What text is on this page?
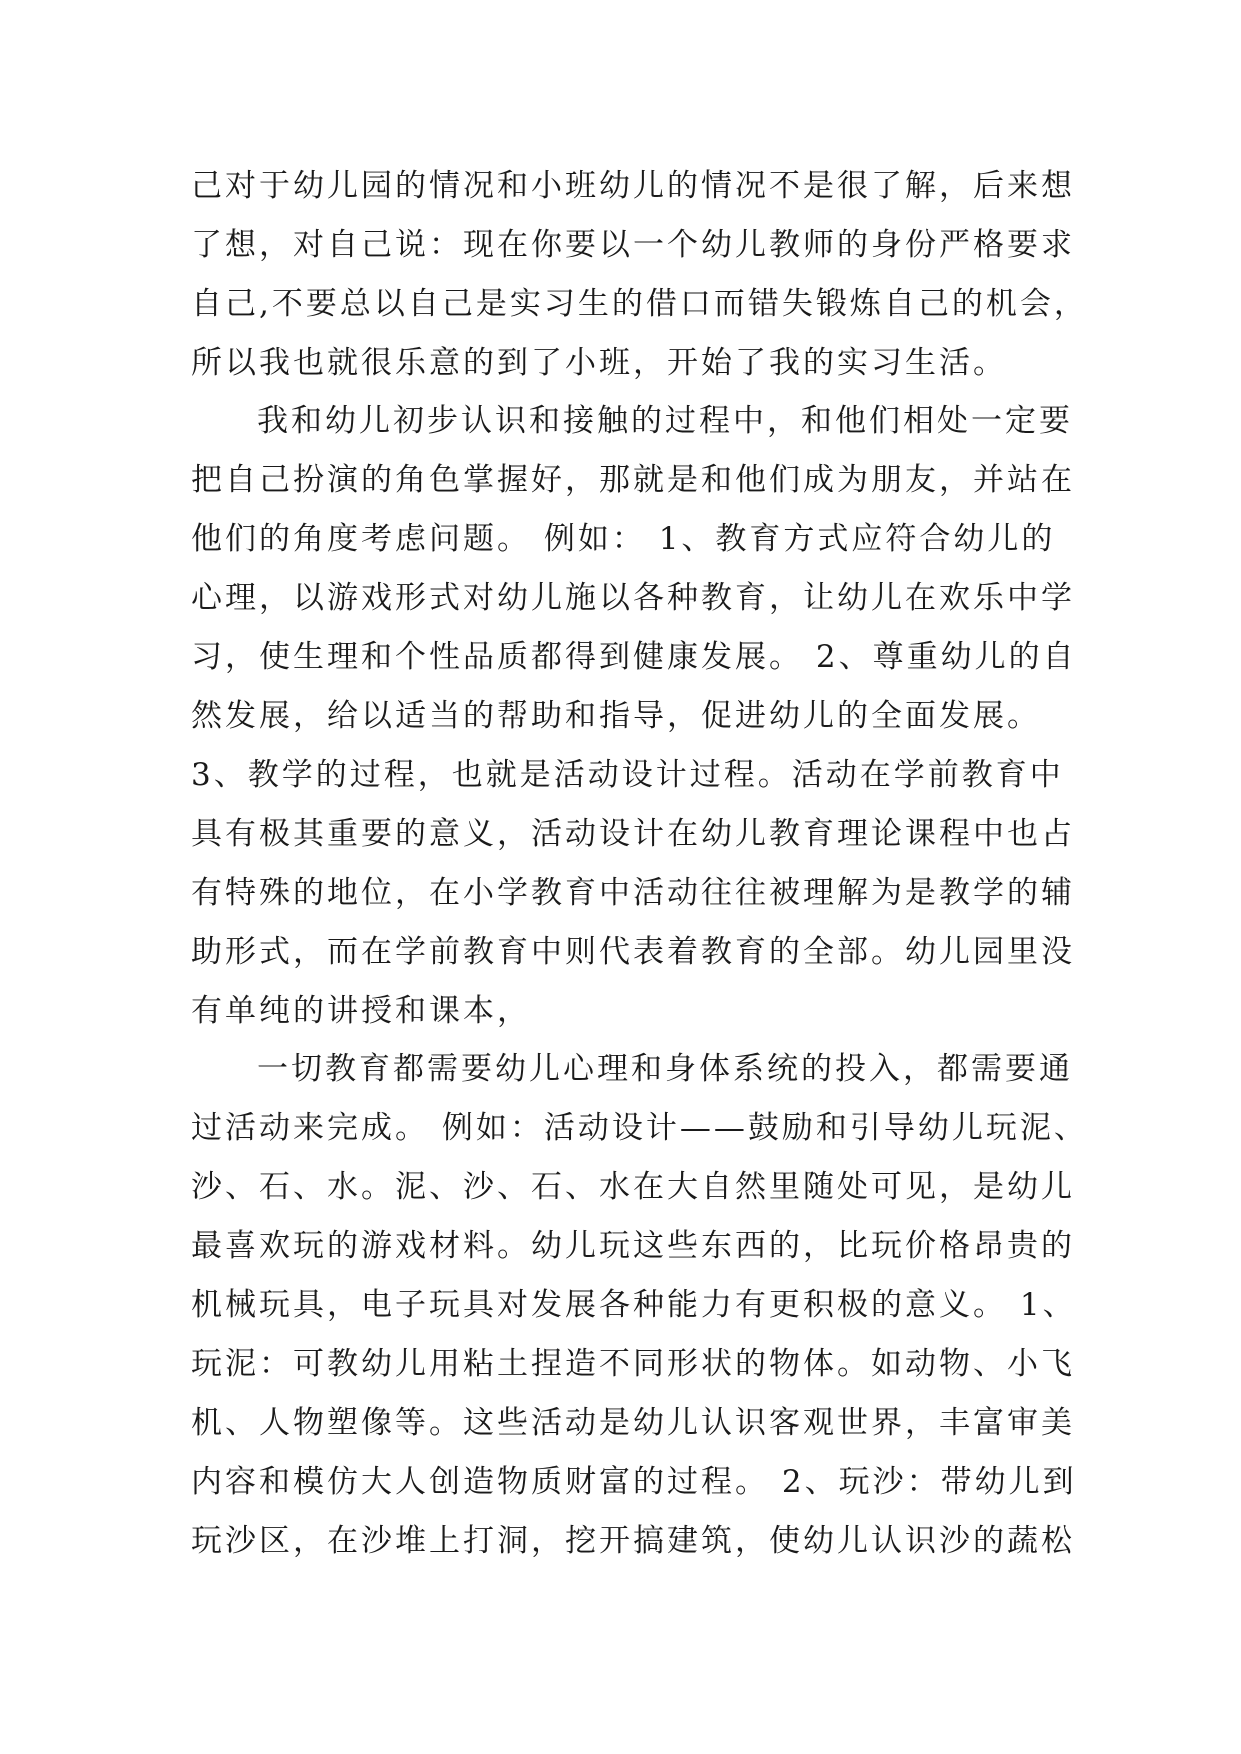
己对于幼儿园的情况和小班幼儿的情况不是很了解，后来想
了想，对自己说：现在你要以一个幼儿教师的身份严格要求
自己,不要总以自己是实习生的借口而错失锻炼自己的机会，
所以我也就很乐意的到了小班，开始了我的实习生活。
我和幼儿初步认识和接触的过程中，和他们相处一定要
把自己扮演的角色掌握好，那就是和他们成为朋友，并站在
他们的角度考虑问题。 例如： 1、教育方式应符合幼儿的
心理，以游戏形式对幼儿施以各种教育，让幼儿在欢乐中学
习，使生理和个性品质都得到健康发展。 2、尊重幼儿的自
然发展，给以适当的帮助和指导，促进幼儿的全面发展。
3、教学的过程，也就是活动设计过程。活动在学前教育中
具有极其重要的意义，活动设计在幼儿教育理论课程中也占
有特殊的地位，在小学教育中活动往往被理解为是教学的辅
助形式，而在学前教育中则代表着教育的全部。幼儿园里没
有单纯的讲授和课本，
一切教育都需要幼儿心理和身体系统的投入，都需要通
过活动来完成。 例如：活动设计——鼓励和引导幼儿玩泥、
沙、石、水。泥、沙、石、水在大自然里随处可见，是幼儿
最喜欢玩的游戏材料。幼儿玩这些东西的，比玩价格昂贵的
机械玩具，电子玩具对发展各种能力有更积极的意义。 1、
玩泥：可教幼儿用粘土捏造不同形状的物体。如动物、小飞
机、人物塑像等。这些活动是幼儿认识客观世界，丰富审美
内容和模仿大人创造物质财富的过程。 2、玩沙：带幼儿到
玩沙区，在沙堆上打洞，挖开搞建筑，使幼儿认识沙的蔬松
